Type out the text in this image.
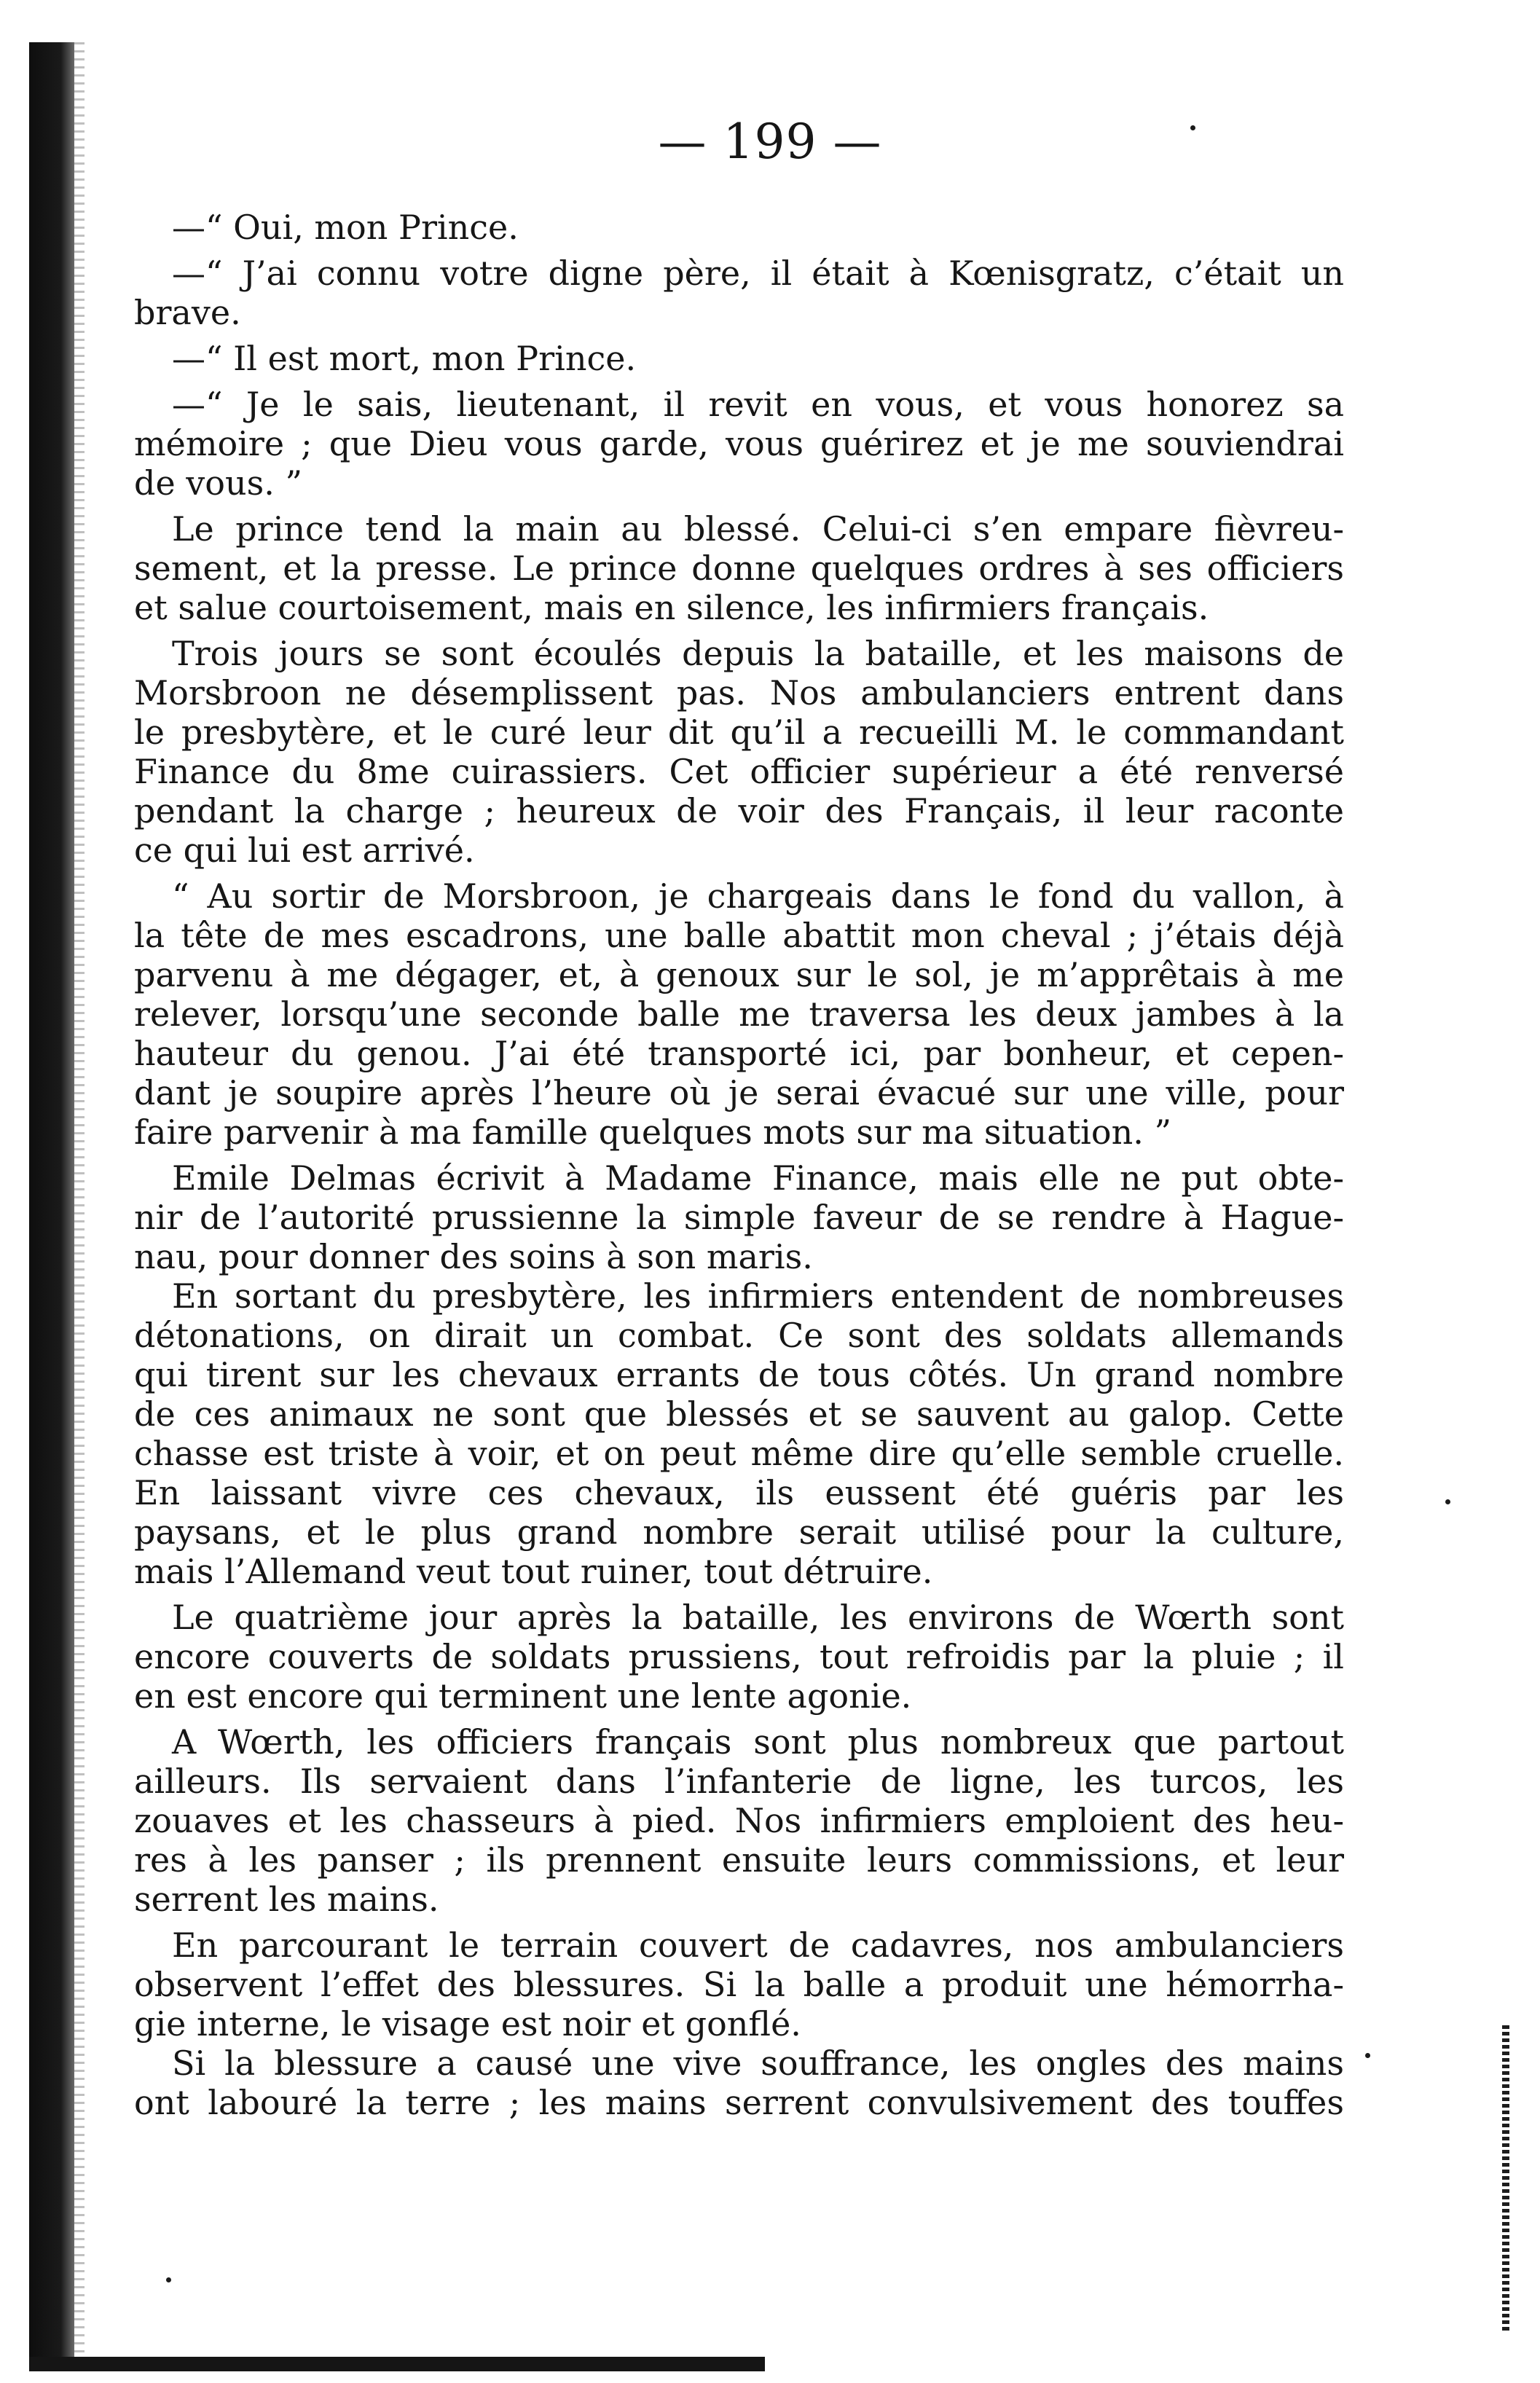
— 199 —
—“ Oui, mon Prince.
—“ J’ai connu votre digne père, il était à Kœnisgratz, c’était un
brave.
—“ Il est mort, mon Prince.
—“ Je le sais, lieutenant, il revit en vous, et vous honorez sa
mémoire ; que Dieu vous garde, vous guérirez et je me souviendrai
de vous. ”
Le prince tend la main au blessé. Celui-ci s’en empare fièvreu-
sement, et la presse. Le prince donne quelques ordres à ses officiers
et salue courtoisement, mais en silence, les infirmiers français.
Trois jours se sont écoulés depuis la bataille, et les maisons de
Morsbroon ne désemplissent pas. Nos ambulanciers entrent dans
le presbytère, et le curé leur dit qu’il a recueilli M. le commandant
Finance du 8me cuirassiers. Cet officier supérieur a été renversé
pendant la charge ; heureux de voir des Français, il leur raconte
ce qui lui est arrivé.
“ Au sortir de Morsbroon, je chargeais dans le fond du vallon, à
la tête de mes escadrons, une balle abattit mon cheval ; j’étais déjà
parvenu à me dégager, et, à genoux sur le sol, je m’apprêtais à me
relever, lorsqu’une seconde balle me traversa les deux jambes à la
hauteur du genou. J’ai été transporté ici, par bonheur, et cepen-
dant je soupire après l’heure où je serai évacué sur une ville, pour
faire parvenir à ma famille quelques mots sur ma situation. ”
Emile Delmas écrivit à Madame Finance, mais elle ne put obte-
nir de l’autorité prussienne la simple faveur de se rendre à Hague-
nau, pour donner des soins à son maris.
En sortant du presbytère, les infirmiers entendent de nombreuses
détonations, on dirait un combat. Ce sont des soldats allemands
qui tirent sur les chevaux errants de tous côtés. Un grand nombre
de ces animaux ne sont que blessés et se sauvent au galop. Cette
chasse est triste à voir, et on peut même dire qu’elle semble cruelle.
En laissant vivre ces chevaux, ils eussent été guéris par les
paysans, et le plus grand nombre serait utilisé pour la culture,
mais l’Allemand veut tout ruiner, tout détruire.
Le quatrième jour après la bataille, les environs de Wœrth sont
encore couverts de soldats prussiens, tout refroidis par la pluie ; il
en est encore qui terminent une lente agonie.
A Wœrth, les officiers français sont plus nombreux que partout
ailleurs. Ils servaient dans l’infanterie de ligne, les turcos, les
zouaves et les chasseurs à pied. Nos infirmiers emploient des heu-
res à les panser ; ils prennent ensuite leurs commissions, et leur
serrent les mains.
En parcourant le terrain couvert de cadavres, nos ambulanciers
observent l’effet des blessures. Si la balle a produit une hémorrha-
gie interne, le visage est noir et gonflé.
Si la blessure a causé une vive souffrance, les ongles des mains
ont labouré la terre ; les mains serrent convulsivement des touffes
